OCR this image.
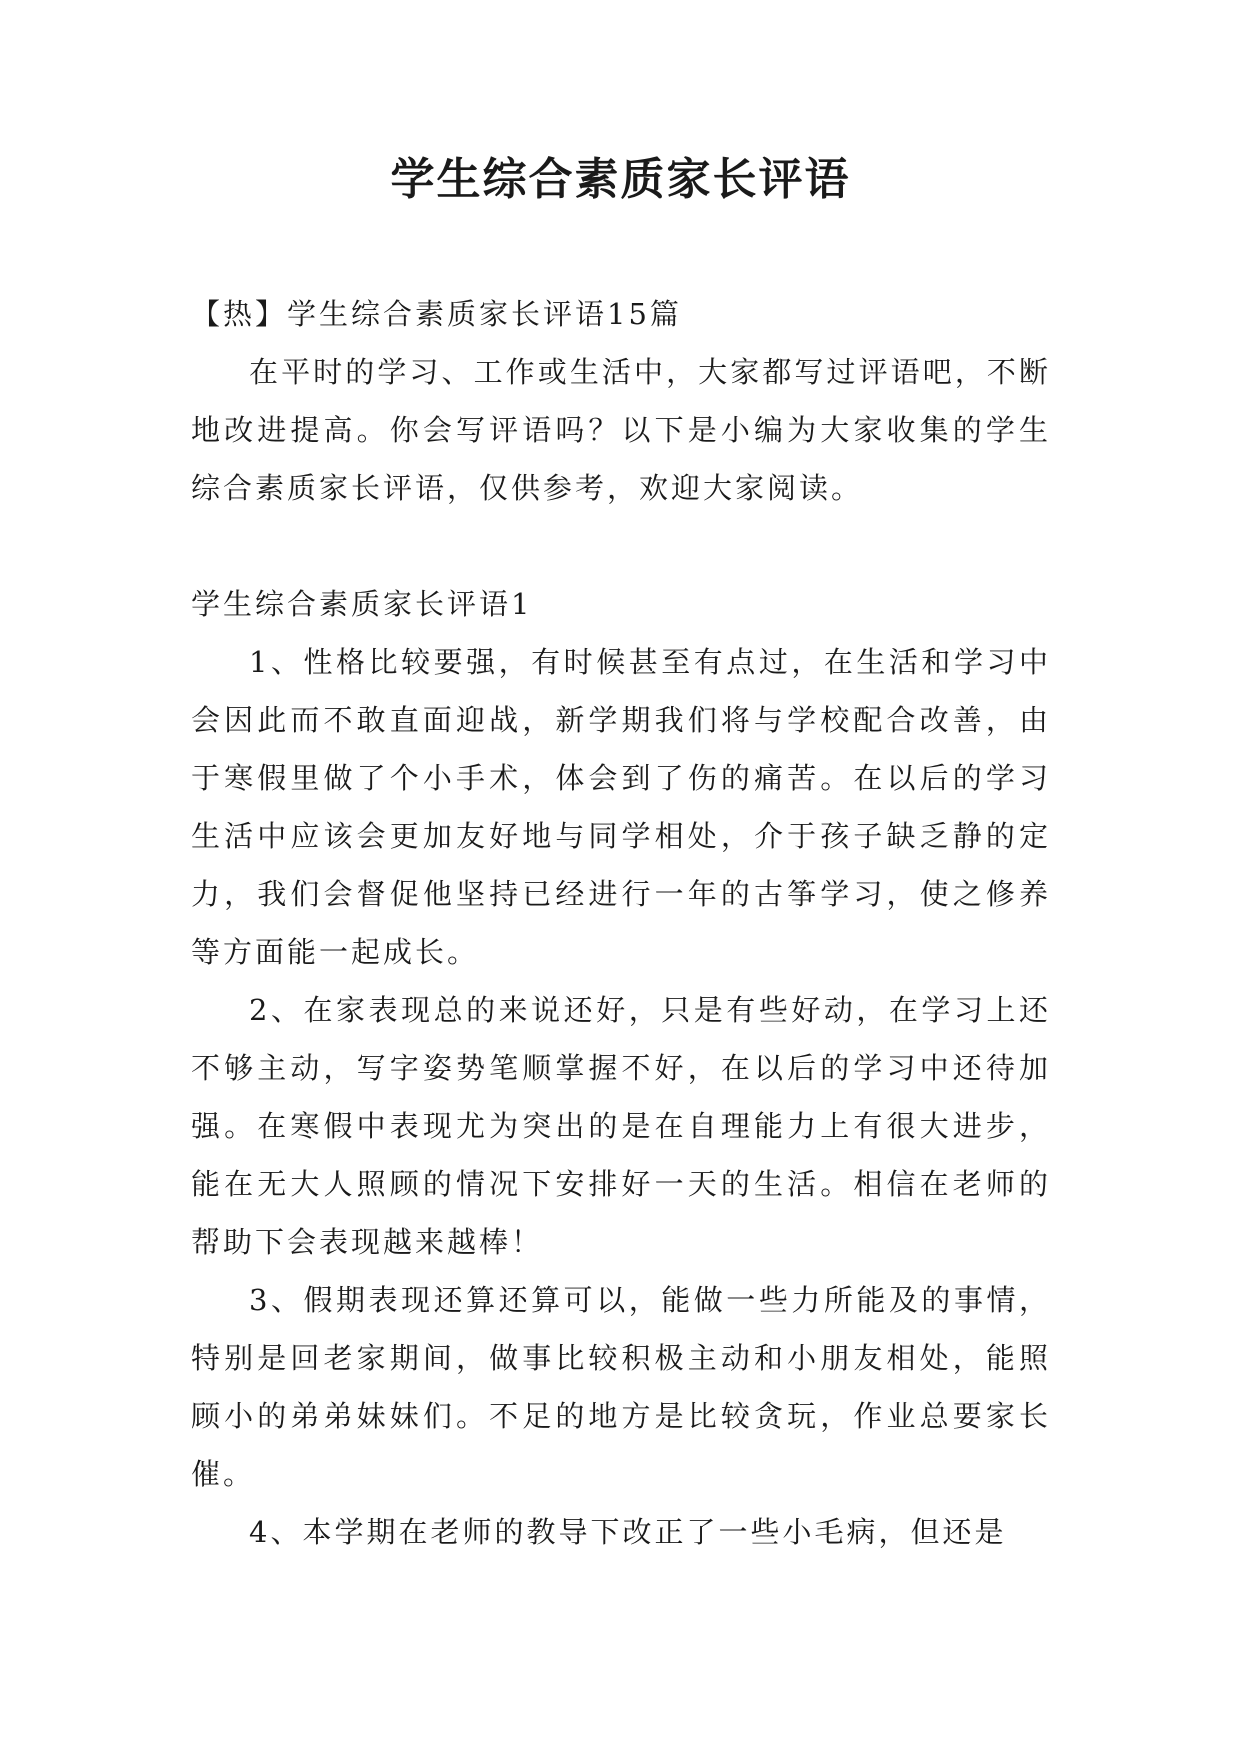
学生综合素质家长评语

【热】学生综合素质家长评语15篇

在平时的学习、工作或生活中，大家都写过评语吧，不断地改进提高。你会写评语吗？以下是小编为大家收集的学生综合素质家长评语，仅供参考，欢迎大家阅读。

学生综合素质家长评语1

1、性格比较要强，有时候甚至有点过，在生活和学习中会因此而不敢直面迎战，新学期我们将与学校配合改善，由于寒假里做了个小手术，体会到了伤的痛苦。在以后的学习生活中应该会更加友好地与同学相处，介于孩子缺乏静的定力，我们会督促他坚持已经进行一年的古筝学习，使之修养等方面能一起成长。

2、在家表现总的来说还好，只是有些好动，在学习上还不够主动，写字姿势笔顺掌握不好，在以后的学习中还待加强。在寒假中表现尤为突出的是在自理能力上有很大进步，能在无大人照顾的情况下安排好一天的生活。相信在老师的帮助下会表现越来越棒！

3、假期表现还算还算可以，能做一些力所能及的事情，特别是回老家期间，做事比较积极主动和小朋友相处，能照顾小的弟弟妹妹们。不足的地方是比较贪玩，作业总要家长催。

4、本学期在老师的教导下改正了一些小毛病，但还是
